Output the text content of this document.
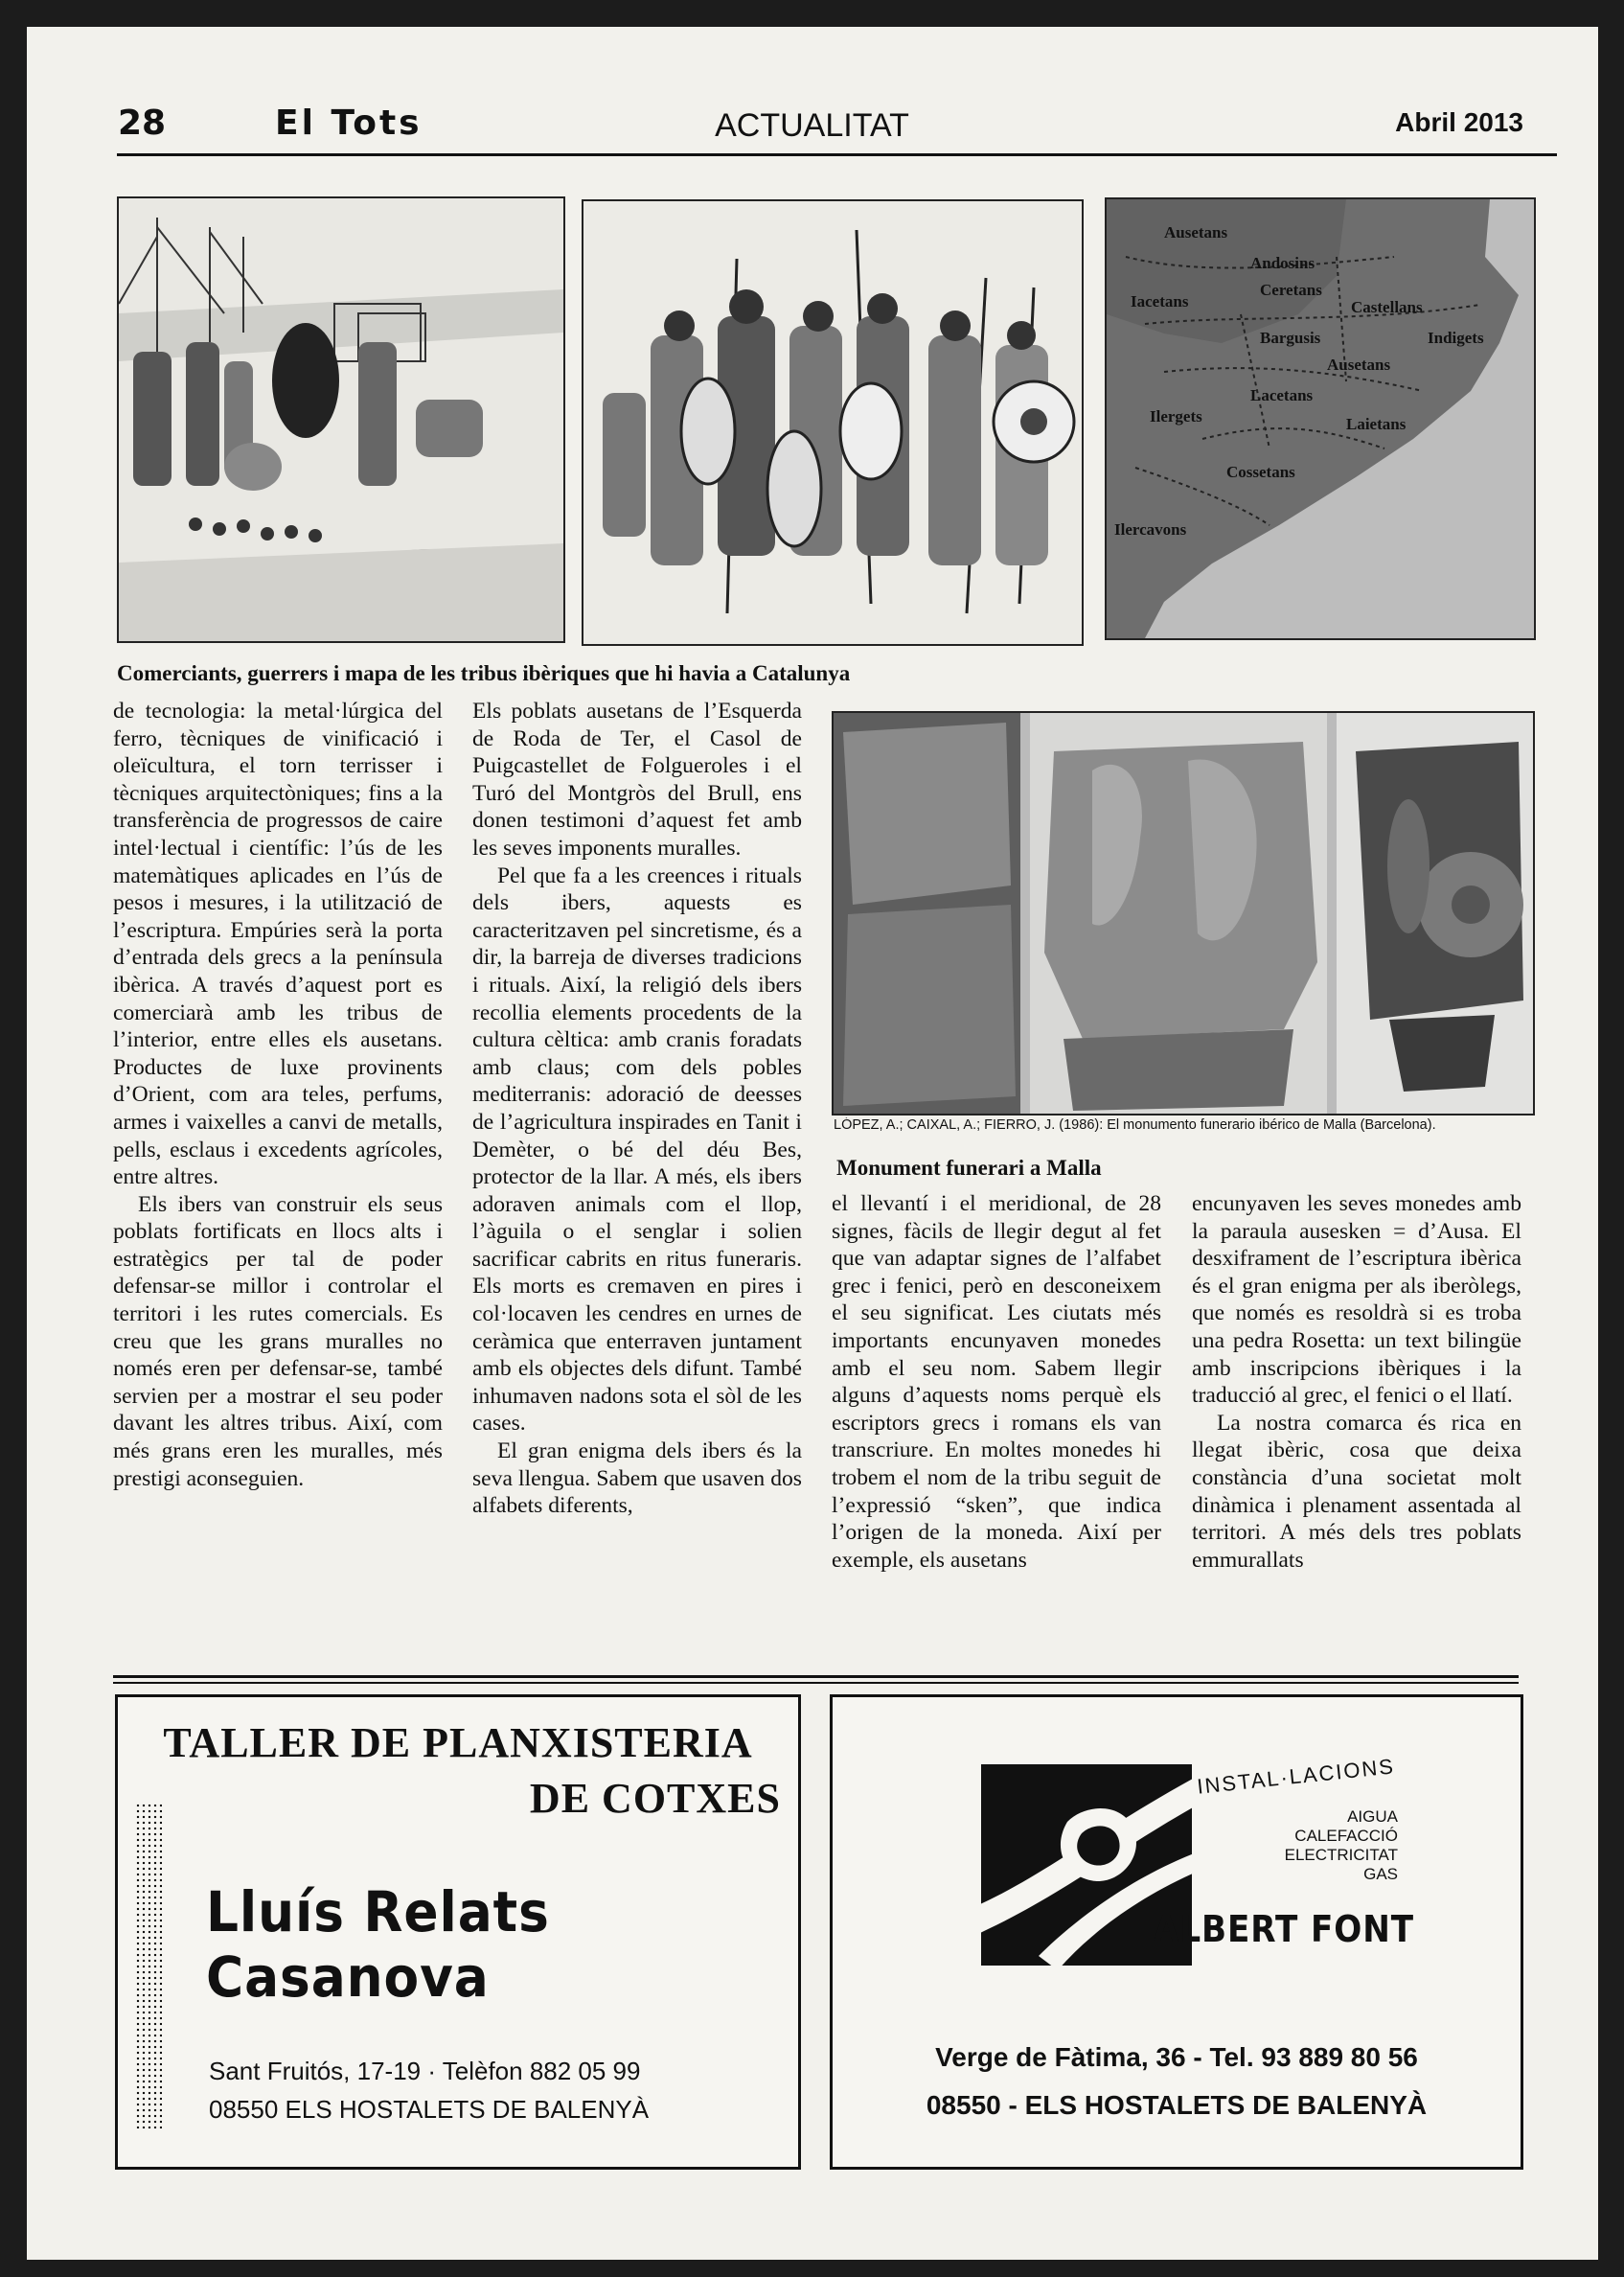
28	El Tots	ACTUALITAT	Abril 2013
Ausetans
Andosins
Ceretans
Castellans
Indigets
Iacetans
Bargusis
Ausetans
Lacetans
Ilergets	Laietans
Cossetans
Ilercavons
Comerciants, guerrers i mapa de les tribus ibèriques que hi havia a Catalunya

de tecnologia: la metal·lúrgica del ferro, tècniques de vinificació i oleïcultura, el torn terrisser i tècniques arquitectòniques; fins a la transferència de progressos de caire intel·lectual i científic: l’ús de les matemàtiques aplicades en l’ús de pesos i mesures, i la utilització de l’escriptura. Empúries serà la porta d’entrada dels grecs a la península ibèrica. A través d’aquest port es comerciarà amb les tribus de l’interior, entre elles els ausetans. Productes de luxe provinents d’Orient, com ara teles, perfums, armes i vaixelles a canvi de metalls, pells, esclaus i excedents agrícoles, entre altres.

Els ibers van construir els seus poblats fortificats en llocs alts i estratègics per tal de poder defensar-se millor i controlar el territori i les rutes comercials. Es creu que les grans muralles no només eren per defensar-se, també servien per a mostrar el seu poder davant les altres tribus. Així, com més grans eren les muralles, més prestigi aconseguien.

Els poblats ausetans de l’Esquerda de Roda de Ter, el Casol de Puigcastellet de Folgueroles i el Turó del Montgròs del Brull, ens donen testimoni d’aquest fet amb les seves imponents muralles.

Pel que fa a les creences i rituals dels ibers, aquests es caracteritzaven pel sincretisme, és a dir, la barreja de diverses tradicions i rituals. Així, la religió dels ibers recollia elements procedents de la cultura cèltica: amb cranis foradats amb claus; com dels pobles mediterranis: adoració de deesses de l’agricultura inspirades en Tanit i Demèter, o bé del déu Bes, protector de la llar. A més, els ibers adoraven animals com el llop, l’àguila o el senglar i solien sacrificar cabrits en ritus funeraris. Els morts es cremaven en pires i col·locaven les cendres en urnes de ceràmica que enterraven juntament amb els objectes dels difunt. També inhumaven nadons sota el sòl de les cases.

El gran enigma dels ibers és la seva llengua. Sabem que usaven dos alfabets diferents,

LÓPEZ, A.; CAIXAL, A.; FIERRO, J. (1986): El monumento funerario ibérico de Malla (Barcelona).
Monument funerari a Malla

el llevantí i el meridional, de 28 signes, fàcils de llegir degut al fet que van adaptar signes de l’alfabet grec i fenici, però en desconeixem el seu significat. Les ciutats més importants encunyaven monedes amb el seu nom. Sabem llegir alguns d’aquests noms perquè els escriptors grecs i romans els van transcriure. En moltes monedes hi trobem el nom de la tribu seguit de l’expressió “sken”, que indica l’origen de la moneda. Així per exemple, els ausetans

encunyaven les seves monedes amb la paraula ausesken = d’Ausa. El desxiframent de l’escriptura ibèrica és el gran enigma per als iberòlegs, que només es resoldrà si es troba una pedra Rosetta: un text bilingüe amb inscripcions ibèriques i la traducció al grec, el fenici o el llatí.

La nostra comarca és rica en llegat ibèric, cosa que deixa constància d’una societat molt dinàmica i plenament assentada al territori. A més dels tres poblats emmurallats

TALLER DE PLANXISTERIA
DE COTXES
Lluís Relats Casanova
Sant Fruitós, 17-19 · Telèfon 882 05 99
08550 ELS HOSTALETS DE BALENYÀ
INSTAL·LACIONS
AIGUA
CALEFACCIÓ
ELECTRICITAT
GAS
ALBERT FONT
Verge de Fàtima, 36 - Tel. 93 889 80 56
08550 - ELS HOSTALETS DE BALENYÀ
